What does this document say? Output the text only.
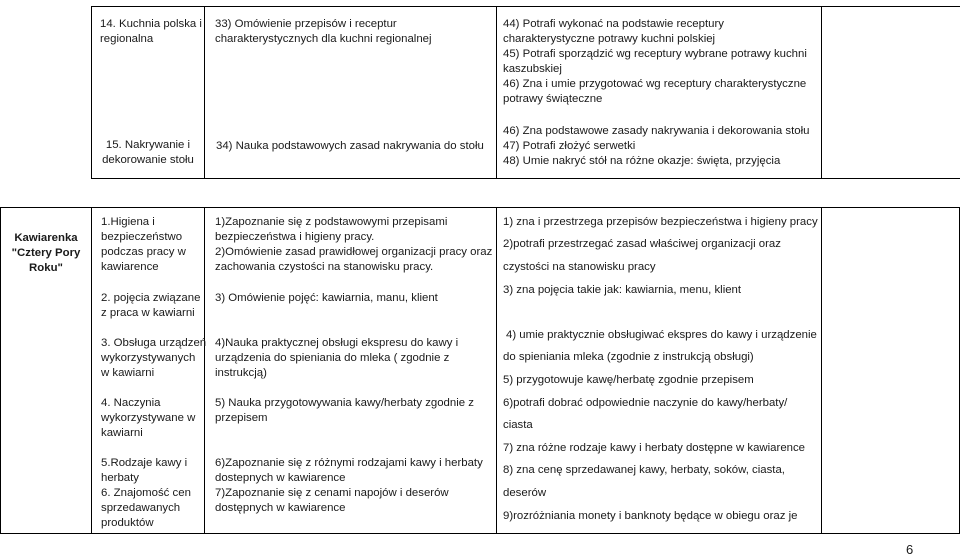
14. Kuchnia polska i
regionalna
33) Omówienie przepisów i receptur
charakterystycznych dla kuchni regionalnej
44) Potrafi wykonać na podstawie receptury
charakterystyczne potrawy kuchni polskiej
45) Potrafi sporządzić wg receptury wybrane potrawy kuchni
kaszubskiej
46) Zna i umie przygotować wg receptury charakterystyczne
potrawy świąteczne
15. Nakrywanie i
dekorowanie stołu
34) Nauka podstawowych zasad nakrywania do stołu
46) Zna podstawowe zasady nakrywania i dekorowania stołu
47) Potrafi złożyć serwetki
48) Umie nakryć stół na różne okazje: święta, przyjęcia
Kawiarenka
"Cztery Pory
Roku"
1.Higiena i
bezpieczeństwo
podczas pracy w
kawiarence
2. pojęcia związane
z praca w kawiarni
3. Obsługa urządzeń
wykorzystywanych
w kawiarni
4. Naczynia
wykorzystywane w
kawiarni
5.Rodzaje kawy i
herbaty
6. Znajomość cen
sprzedawanych
produktów
1)Zapoznanie się z podstawowymi przepisami
bezpieczeństwa i higieny pracy.
2)Omówienie zasad prawidłowej organizacji pracy oraz
zachowania czystości na stanowisku pracy.
3) Omówienie pojęć: kawiarnia, manu, klient
4)Nauka praktycznej obsługi ekspresu do kawy i
urządzenia do spieniania do mleka ( zgodnie z
instrukcją)
5) Nauka przygotowywania kawy/herbaty zgodnie z
przepisem
6)Zapoznanie się z różnymi rodzajami kawy i herbaty
dostepnych w kawiarence
7)Zapoznanie się z cenami napojów i deserów
dostępnych w kawiarence
1) zna i przestrzega przepisów bezpieczeństwa i higieny pracy
2)potrafi przestrzegać zasad właściwej organizacji oraz
czystości na stanowisku pracy
3) zna pojęcia takie jak: kawiarnia, menu, klient
4) umie praktycznie obsługiwać ekspres do kawy i urządzenie
do spieniania mleka (zgodnie z instrukcją obsługi)
5) przygotowuje kawę/herbatę zgodnie przepisem
6)potrafi dobrać odpowiednie naczynie do kawy/herbaty/
ciasta
7) zna różne rodzaje kawy i herbaty dostępne w kawiarence
8) zna cenę sprzedawanej kawy, herbaty, soków, ciasta,
deserów
9)rozróżniania monety i banknoty będące w obiegu oraz je
6
